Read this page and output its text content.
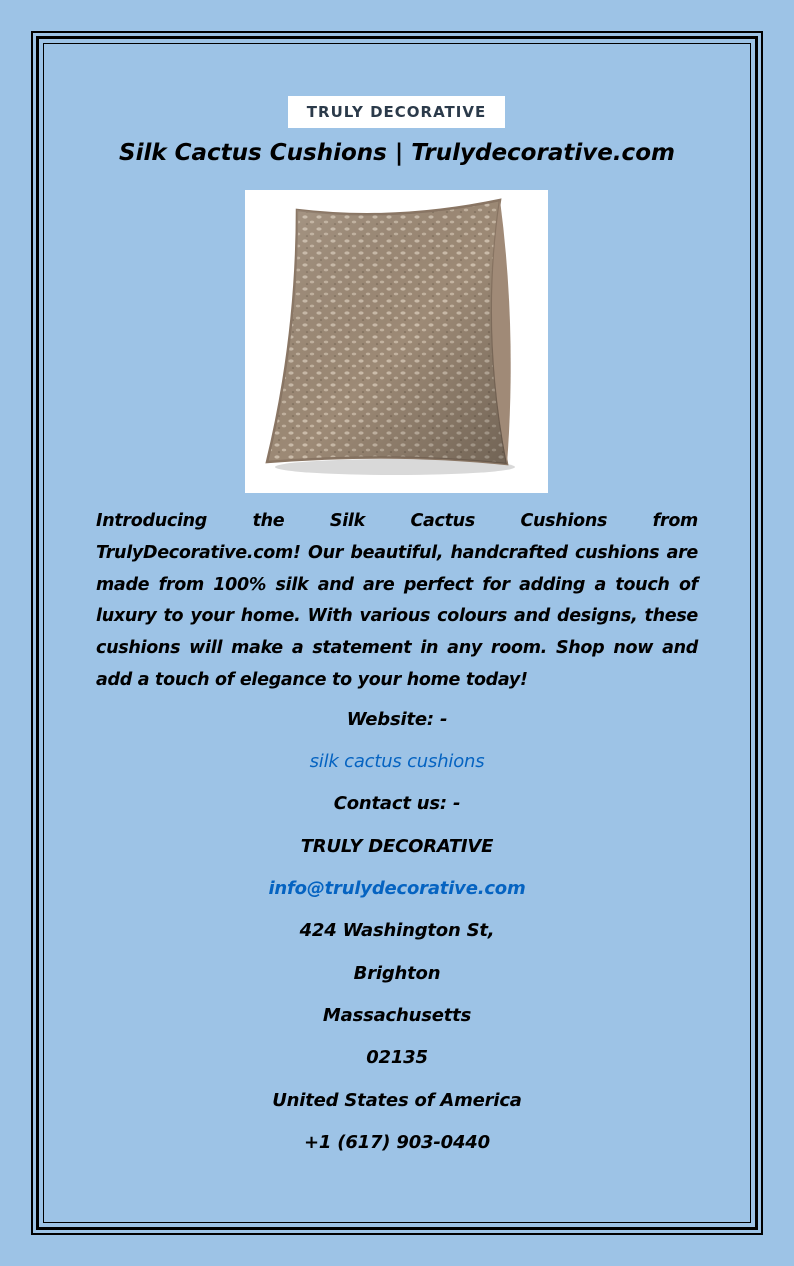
TRULY DECORATIVE
Silk Cactus Cushions | Trulydecorative.com
Introducing the Silk Cactus Cushions from TrulyDecorative.com! Our beautiful, handcrafted cushions are made from 100% silk and are perfect for adding a touch of luxury to your home. With various colours and designs, these cushions will make a statement in any room. Shop now and add a touch of elegance to your home today!
Website: -
silk cactus cushions
Contact us: -
TRULY DECORATIVE
info@trulydecorative.com
424 Washington St,
Brighton
Massachusetts
02135
United States of America
+1 (617) 903-0440
